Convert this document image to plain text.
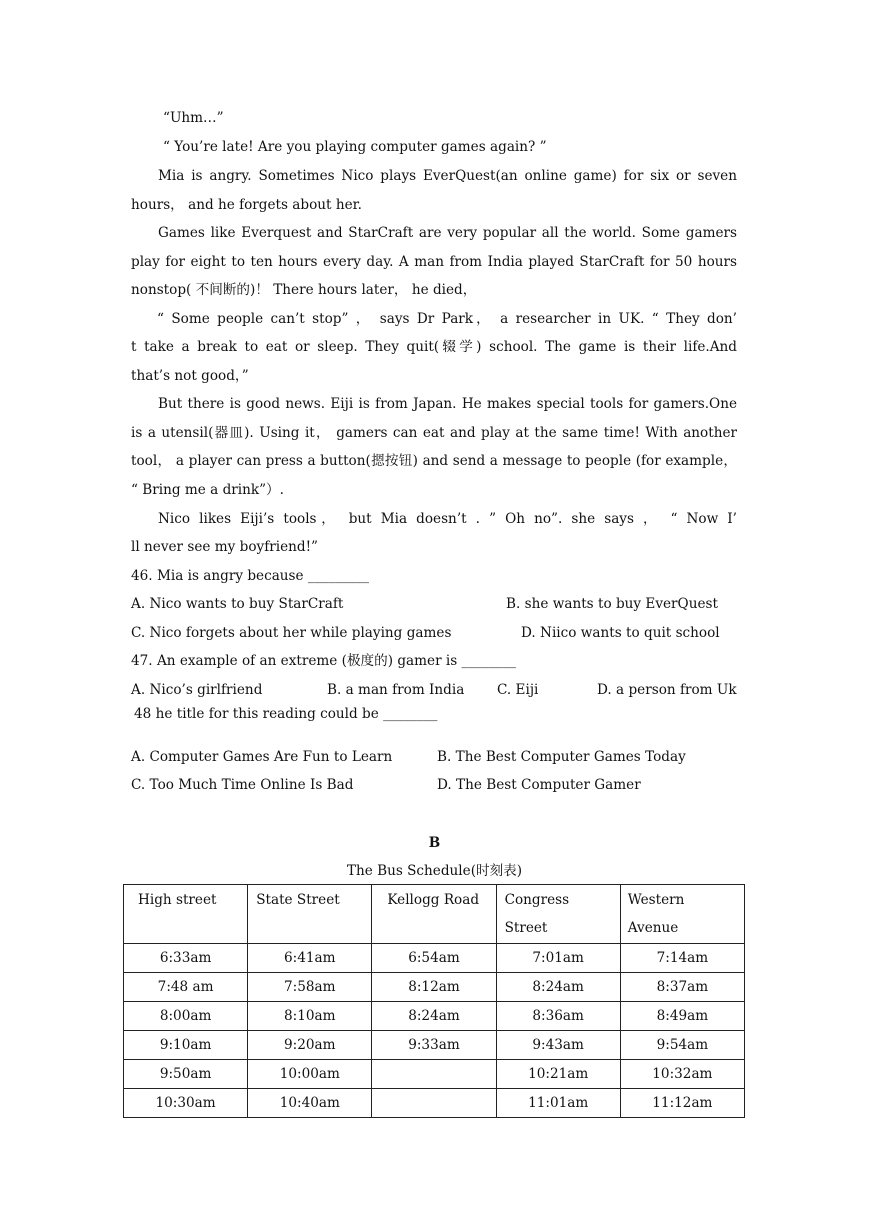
“Uhm…”
“ You’re late! Are you playing computer games again? ”
Mia is angry. Sometimes Nico plays EverQuest(an online game) for six or seven
hours， and he forgets about her.
Games like Everquest and StarCraft are very popular all the world. Some gamers
play for eight to ten hours every day. A man from India played StarCraft for 50 hours
nonstop( 不间断的)！ There hours later， he died，
“ Some people can’t stop” ， says Dr Park， a researcher in UK. “ They don’
t take a break to eat or sleep. They quit(辍学) school. The game is their life.And
that’s not good，”
But there is good news. Eiji is from Japan. He makes special tools for gamers.One
is a utensil(器皿). Using it， gamers can eat and play at the same time! With another
tool， a player can press a button(摁按钮) and send a message to people (for example，
“ Bring me a drink”）.
Nico likes Eiji’s tools， but Mia doesn’t . ” Oh no”. she says ， “ Now I’
ll never see my boyfriend!”
46. Mia is angry because _________
A. Nico wants to buy StarCraft	B. she wants to buy EverQuest
C. Nico forgets about her while playing games	D. Niico wants to quit school
47. An example of an extreme (极度的) gamer is ________
A. Nico’s girlfriend	B. a man from India C. Eiji	D. a person from Uk
48 he title for this reading could be ________
A. Computer Games Are Fun to Learn	B. The Best Computer Games Today
C. Too Much Time Online Is Bad	D. The Best Computer Gamer
B
The Bus Schedule(时刻表)
High street	State Street	Kellogg Road	Congress Street	Western Avenue
6:33am	6:41am	6:54am	7:01am	7:14am
7:48 am	7:58am	8:12am	8:24am	8:37am
8:00am	8:10am	8:24am	8:36am	8:49am
9:10am	9:20am	9:33am	9:43am	9:54am
9:50am	10:00am		10:21am	10:32am
10:30am	10:40am		11:01am	11:12am
